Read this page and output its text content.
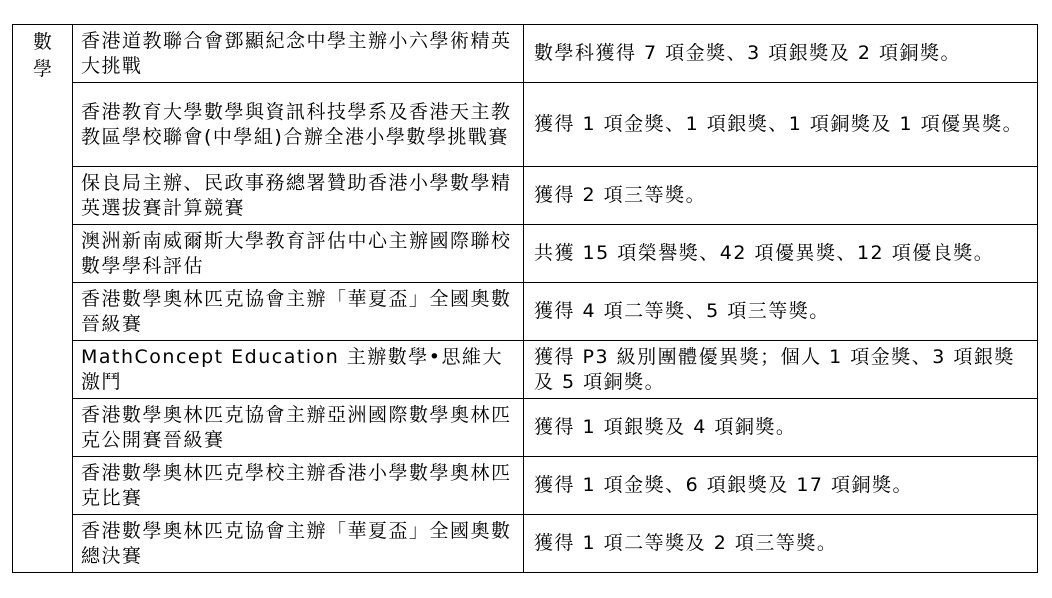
數學	香港道教聯合會鄧顯紀念中學主辦小六學術精英大挑戰	數學科獲得 7 項金獎、3 項銀獎及 2 項銅獎。
	香港教育大學數學與資訊科技學系及香港天主教教區學校聯會(中學組)合辦全港小學數學挑戰賽	獲得 1 項金獎、1 項銀獎、1 項銅獎及 1 項優異獎。
	保良局主辦、民政事務總署贊助香港小學數學精英選拔賽計算競賽	獲得 2 項三等獎。
	澳洲新南威爾斯大學教育評估中心主辦國際聯校數學學科評估	共獲 15 項榮譽獎、42 項優異獎、12 項優良獎。
	香港數學奧林匹克協會主辦「華夏盃」全國奧數晉級賽	獲得 4 項二等獎、5 項三等獎。
	MathConcept Education 主辦數學•思維大激鬥	獲得 P3 級別團體優異獎；個人 1 項金獎、3 項銀獎及 5 項銅獎。
	香港數學奧林匹克協會主辦亞洲國際數學奧林匹克公開賽晉級賽	獲得 1 項銀獎及 4 項銅獎。
	香港數學奧林匹克學校主辦香港小學數學奧林匹克比賽	獲得 1 項金獎、6 項銀獎及 17 項銅獎。
	香港數學奧林匹克協會主辦「華夏盃」全國奧數總決賽	獲得 1 項二等獎及 2 項三等獎。
